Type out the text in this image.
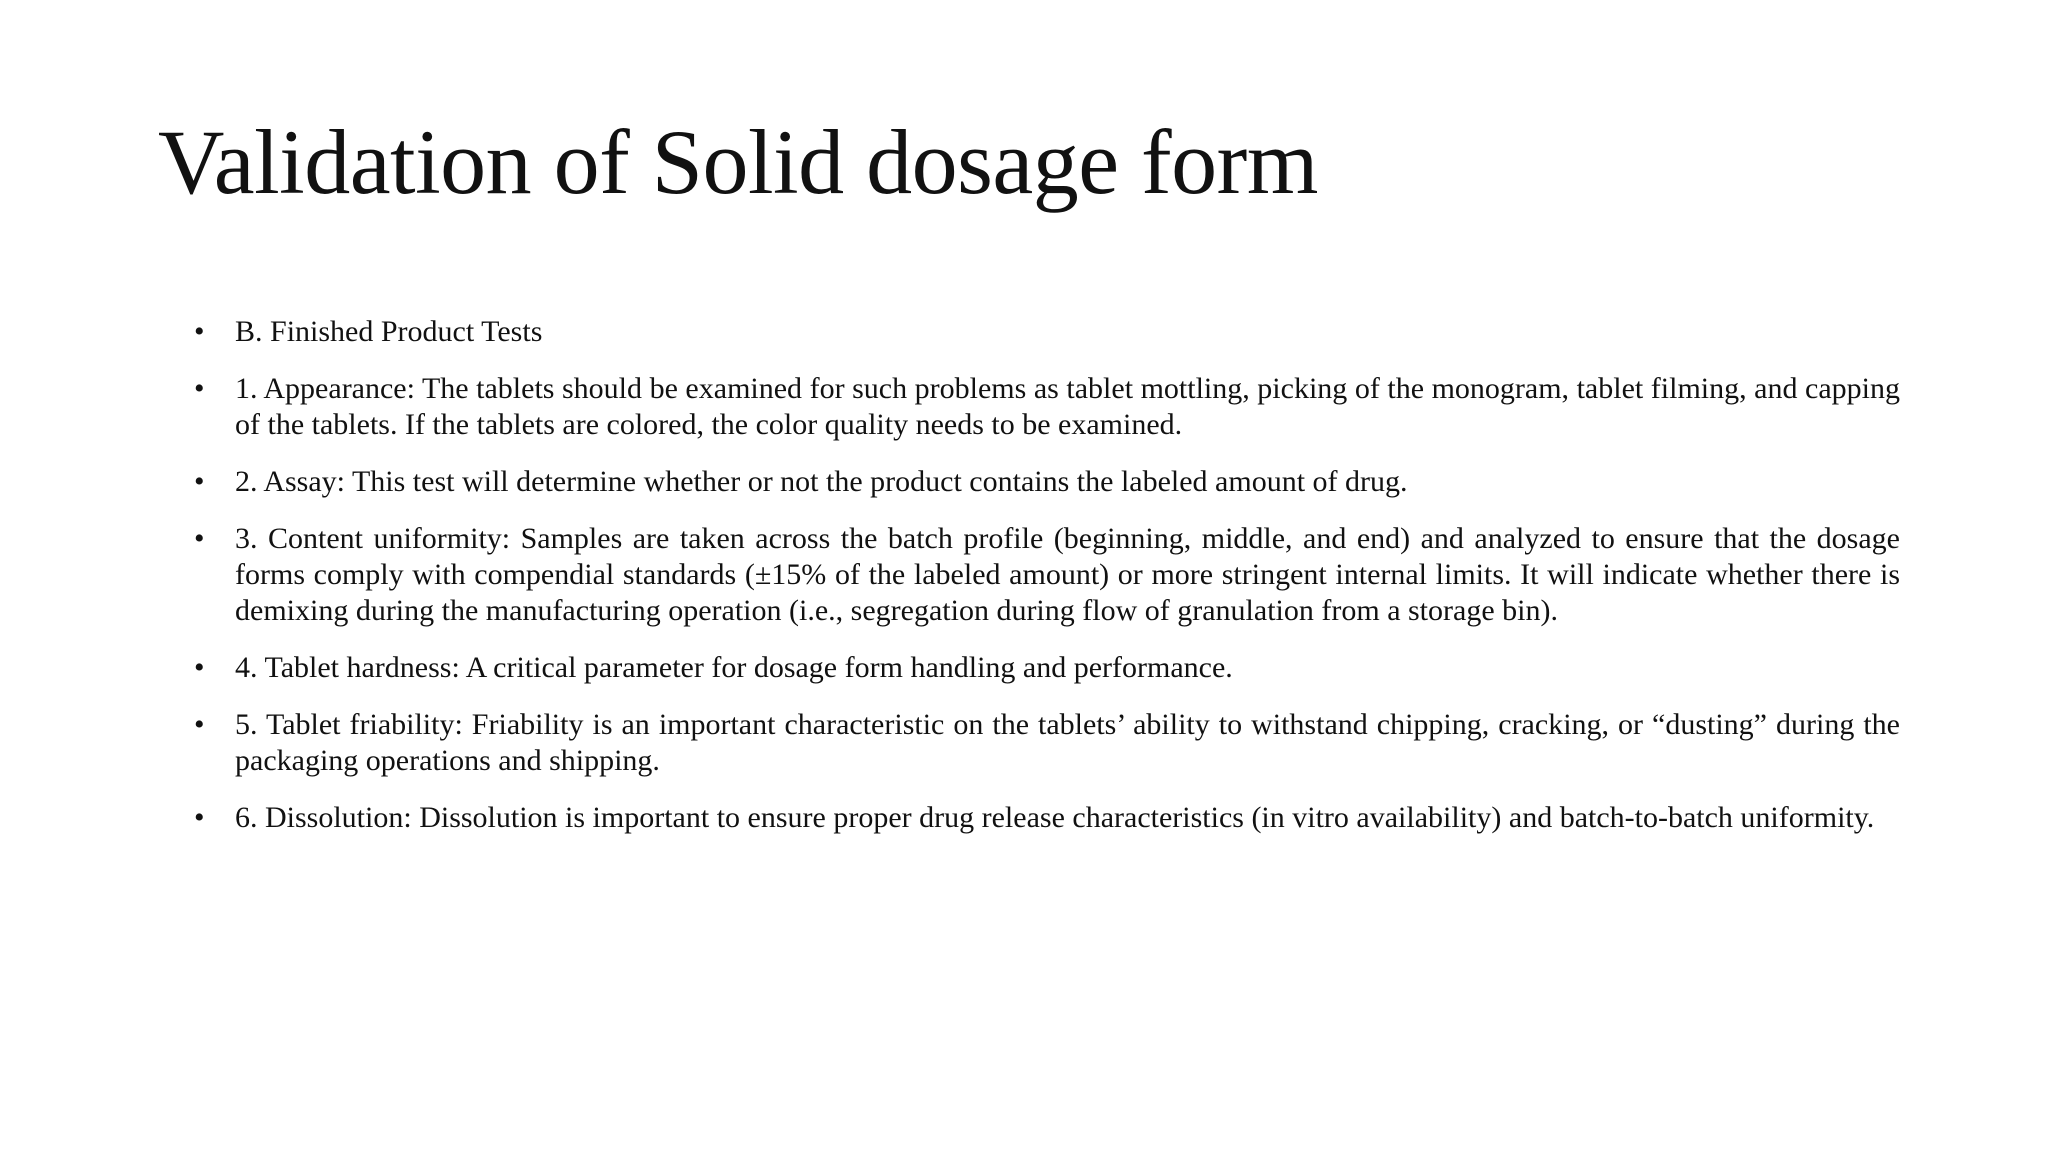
Validation of Solid dosage form
•	B. Finished Product Tests
•	1. Appearance: The tablets should be examined for such problems as tablet mottling, picking of the monogram, tablet filming, and capping of the tablets. If the tablets are colored, the color quality needs to be examined.
•	2. Assay: This test will determine whether or not the product contains the labeled amount of drug.
•	3. Content uniformity: Samples are taken across the batch profile (beginning, middle, and end) and analyzed to ensure that the dosage forms comply with compendial standards (±15% of the labeled amount) or more stringent internal limits. It will indicate whether there is demixing during the manufacturing operation (i.e., segregation during flow of granulation from a storage bin).
•	4. Tablet hardness: A critical parameter for dosage form handling and performance.
•	5. Tablet friability: Friability is an important characteristic on the tablets’ ability to withstand chipping, cracking, or “dusting” during the packaging operations and shipping.
•	6. Dissolution: Dissolution is important to ensure proper drug release characteristics (in vitro availability) and batch-to-batch uniformity.
